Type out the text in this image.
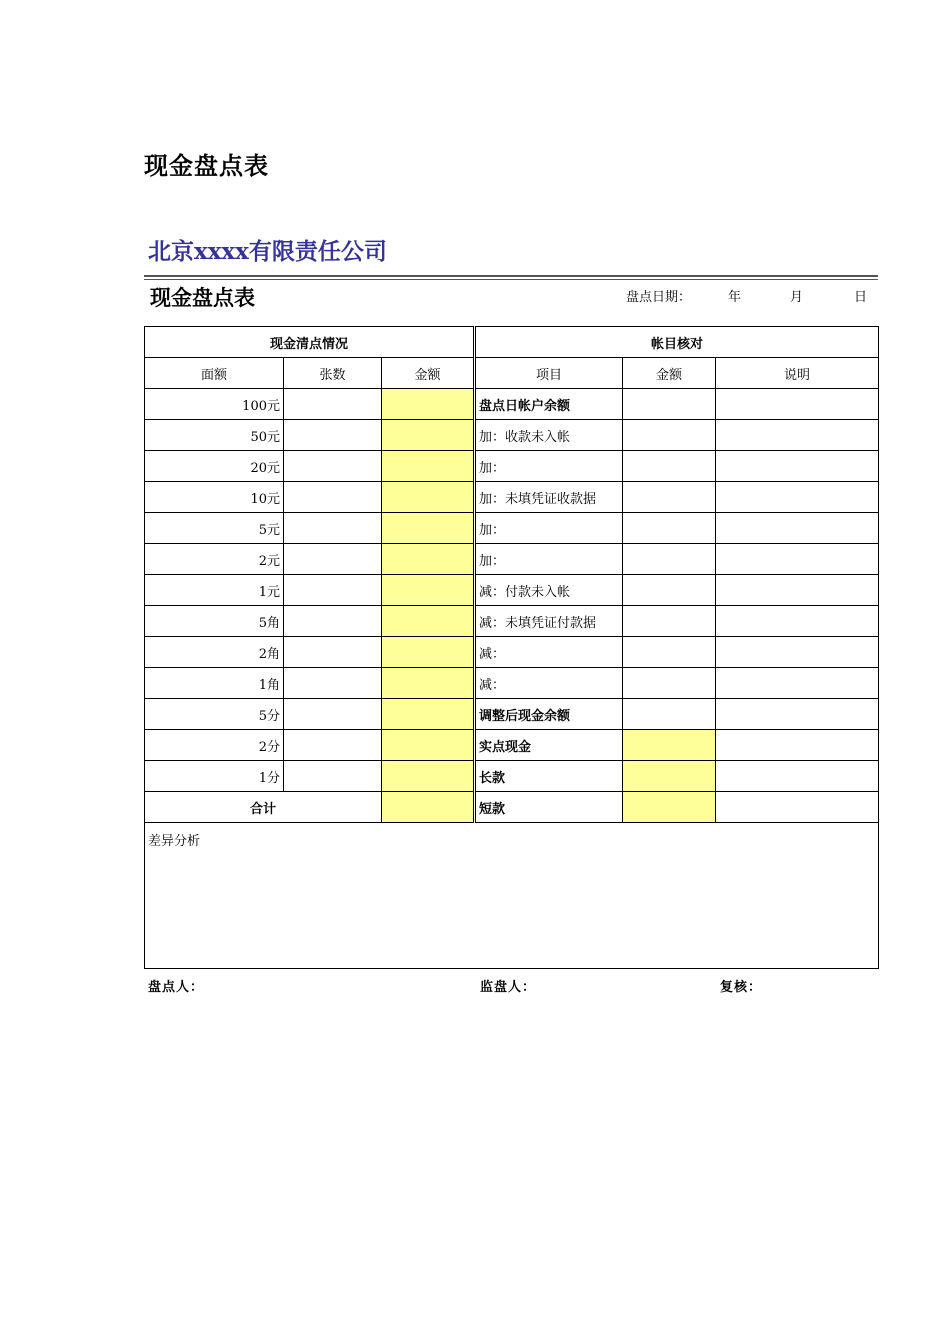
现金盘点表
北京xxxx有限责任公司
现金盘点表	盘点日期：	年	月	日
现金清点情况			帐目核对		
面额	张数	金额	项目	金额	说明
100元			盘点日帐户余额		
50元			加：收款未入帐		
20元			加：		
10元			加：未填凭证收款据		
5元			加：		
2元			加：		
1元			减：付款未入帐		
5角			减：未填凭证付款据		
2角			减：		
1角			减：		
5分			调整后现金余额		
2分			实点现金		
1分			长款		
合计			短款		
差异分析					
盘点人：	监盘人：	复核：
